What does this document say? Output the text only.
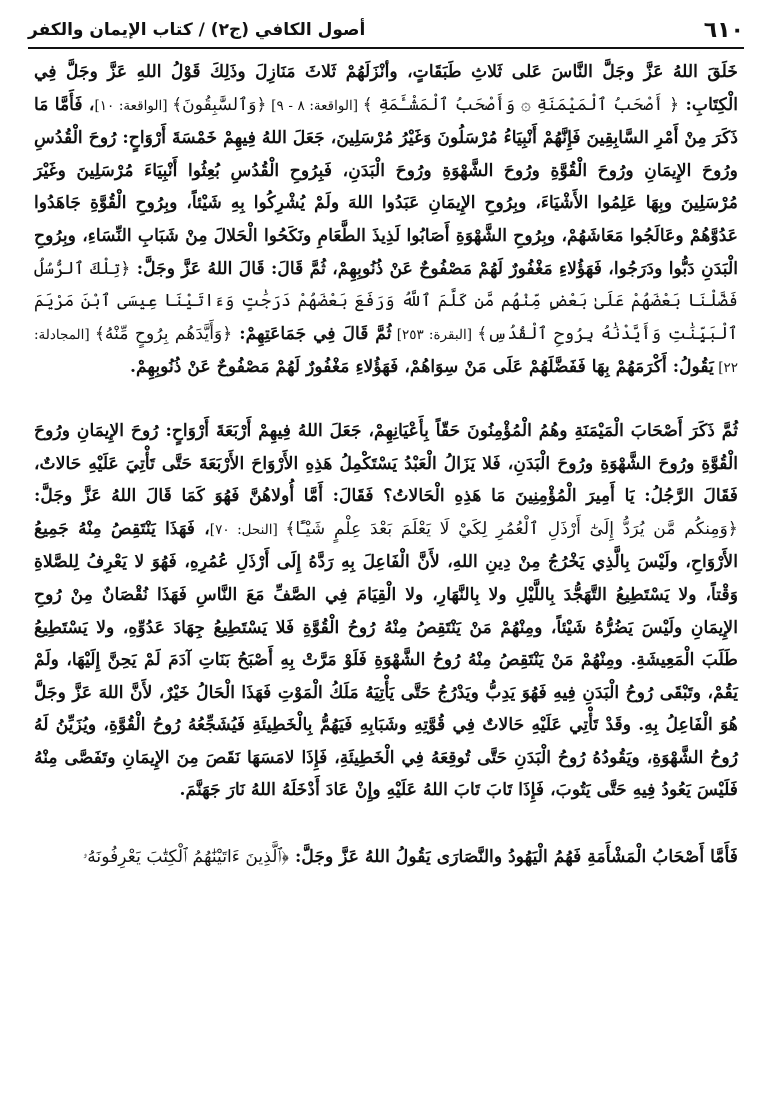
أصول الكافي (ج٢) / كتاب الإيمان والكفر	٦١٠

خَلَقَ اللهُ عَزَّ وجَلَّ النَّاسَ عَلى ثَلاثِ طَبَقَاتٍ، وأنْزَلَهُمْ ثَلاثَ مَنَازِلَ وذَلِكَ قَوْلُ اللهِ عَزَّ وجَلَّ فِي الْكِتَابِ: ﴿ أَصْحَبُ ٱلْمَيْمَنَةِ ۞ وَأَصْحَبُ ٱلْمَشْـَٔمَةِ ﴾ [الواقعة: ٨ - ٩] ﴿وَٱلسَّٰبِقُونَ﴾ [الواقعة: ١٠]، فَأَمَّا مَا ذَكَرَ مِنْ أَمْرِ السَّابِقِينَ فَإِنَّهُمْ أَنْبِيَاءُ مُرْسَلُونَ وَغَيْرُ مُرْسَلِينَ، جَعَلَ اللهُ فِيهِمْ خَمْسَةَ أَرْوَاحٍ: رُوحَ الْقُدُسِ ورُوحَ الإِيمَانِ ورُوحَ الْقُوَّةِ ورُوحَ الشَّهْوَةِ ورُوحَ الْبَدَنِ، فَبِرُوحِ الْقُدُسِ بُعِثُوا أَنْبِيَاءَ مُرْسَلِينَ وغَيْرَ مُرْسَلِينَ وبِهَا عَلِمُوا الأَشْيَاءَ، وبِرُوحِ الإِيمَانِ عَبَدُوا اللهَ ولَمْ يُشْرِكُوا بِهِ شَيْئاً، وبِرُوحِ الْقُوَّةِ جَاهَدُوا عَدُوَّهُمْ وعَالَجُوا مَعَاشَهُمْ، وبِرُوحِ الشَّهْوَةِ أَصَابُوا لَذِيذَ الطَّعَامِ ونَكَحُوا الْحَلالَ مِنْ شَبَابِ النِّسَاءِ، وبِرُوحِ الْبَدَنِ دَبُّوا ودَرَجُوا، فَهَؤُلاءِ مَغْفُورٌ لَهُمْ مَصْفُوحٌ عَنْ ذُنُوبِهِمْ، ثُمَّ قَالَ: قَالَ اللهُ عَزَّ وجَلَّ: ﴿تِلْكَ ٱلرُّسُلُ فَضَّلْنَا بَعْضَهُمْ عَلَىٰ بَعْضٍ مِّنْهُم مَّن كَلَّمَ ٱللَّهُ وَرَفَعَ بَعْضَهُمْ دَرَجَٰتٍ وَءَاتَيْنَا عِيسَى ٱبْنَ مَرْيَمَ ٱلْبَيِّنَٰتِ وَأَيَّدْنَٰهُ بِرُوحِ ٱلْقُدُسِ﴾ [البقرة: ٢٥٣] ثُمَّ قَالَ فِي جَمَاعَتِهِمْ: ﴿وَأَيَّدَهُم بِرُوحٍ مِّنْهُ﴾ [المجادلة: ٢٢] يَقُولُ: أَكْرَمَهُمْ بِهَا فَفَضَّلَهُمْ عَلَى مَنْ سِوَاهُمْ، فَهَؤُلاءِ مَغْفُورٌ لَهُمْ مَصْفُوحٌ عَنْ ذُنُوبِهِمْ.

ثُمَّ ذَكَرَ أَصْحَابَ الْمَيْمَنَةِ وهُمُ الْمُؤْمِنُونَ حَقّاً بِأَعْيَانِهِمْ، جَعَلَ اللهُ فِيهِمْ أَرْبَعَةَ أَرْوَاحٍ: رُوحَ الإِيمَانِ ورُوحَ الْقُوَّةِ ورُوحَ الشَّهْوَةِ ورُوحَ الْبَدَنِ، فَلا يَزَالُ الْعَبْدُ يَسْتَكْمِلُ هَذِهِ الأَرْوَاحَ الأَرْبَعَةَ حَتَّى تَأْتِيَ عَلَيْهِ حَالاتٌ، فَقَالَ الرَّجُلُ: يَا أَمِيرَ الْمُؤْمِنِينَ مَا هَذِهِ الْحَالاتُ؟ فَقَالَ: أَمَّا أُولاهُنَّ فَهُوَ كَمَا قَالَ اللهُ عَزَّ وجَلَّ: ﴿وَمِنكُم مَّن يُرَدُّ إِلَىٰٓ أَرْذَلِ ٱلْعُمُرِ لِكَيْ لَا يَعْلَمَ بَعْدَ عِلْمٍ شَيْـًٔا﴾ [النحل: ٧٠]، فَهَذَا يَنْتَقِصُ مِنْهُ جَمِيعُ الأَرْوَاحِ، ولَيْسَ بِالَّذِي يَخْرُجُ مِنْ دِينِ اللهِ، لأَنَّ الْفَاعِلَ بِهِ رَدَّهُ إِلَى أَرْذَلِ عُمُرِهِ، فَهُوَ لا يَعْرِفُ لِلصَّلاةِ وَقْتاً، ولا يَسْتَطِيعُ التَّهَجُّدَ بِاللَّيْلِ ولا بِالنَّهَارِ، ولا الْقِيَامَ فِي الصَّفِّ مَعَ النَّاسِ فَهَذَا نُقْصَانٌ مِنْ رُوحِ الإِيمَانِ ولَيْسَ يَضُرُّهُ شَيْئاً، ومِنْهُمْ مَنْ يَنْتَقِصُ مِنْهُ رُوحُ الْقُوَّةِ فَلا يَسْتَطِيعُ جِهَادَ عَدُوِّهِ، ولا يَسْتَطِيعُ طَلَبَ الْمَعِيشَةِ. ومِنْهُمْ مَنْ يَنْتَقِصُ مِنْهُ رُوحُ الشَّهْوَةِ فَلَوْ مَرَّتْ بِهِ أَصْبَحُ بَنَاتِ آدَمَ لَمْ يَحِنَّ إِلَيْهَا، ولَمْ يَقُمْ، وتَبْقَى رُوحُ الْبَدَنِ فِيهِ فَهُوَ يَدِبُّ ويَدْرُجُ حَتَّى يَأْتِيَهُ مَلَكُ الْمَوْتِ فَهَذَا الْحَالُ خَيْرٌ، لأَنَّ اللهَ عَزَّ وجَلَّ هُوَ الْفَاعِلُ بِهِ. وقَدْ تَأْتِي عَلَيْهِ حَالاتٌ فِي قُوَّتِهِ وشَبَابِهِ فَيَهُمُّ بِالْخَطِيئَةِ فَيُشَجِّعُهُ رُوحُ الْقُوَّةِ، ويُزَيِّنُ لَهُ رُوحُ الشَّهْوَةِ، ويَقُودُهُ رُوحُ الْبَدَنِ حَتَّى تُوقِعَهُ فِي الْخَطِيئَةِ، فَإِذَا لامَسَهَا نَقَصَ مِنَ الإِيمَانِ وتَفَصَّى مِنْهُ فَلَيْسَ يَعُودُ فِيهِ حَتَّى يَتُوبَ، فَإِذَا تَابَ تَابَ اللهُ عَلَيْهِ وإِنْ عَادَ أَدْخَلَهُ اللهُ نَارَ جَهَنَّمَ.

فَأَمَّا أَصْحَابُ الْمَشْأَمَةِ فَهُمُ الْيَهُودُ والنَّصَارَى يَقُولُ اللهُ عَزَّ وجَلَّ: ﴿ٱلَّذِينَ ءَاتَيْنَٰهُمُ ٱلْكِتَٰبَ يَعْرِفُونَهُۥ
